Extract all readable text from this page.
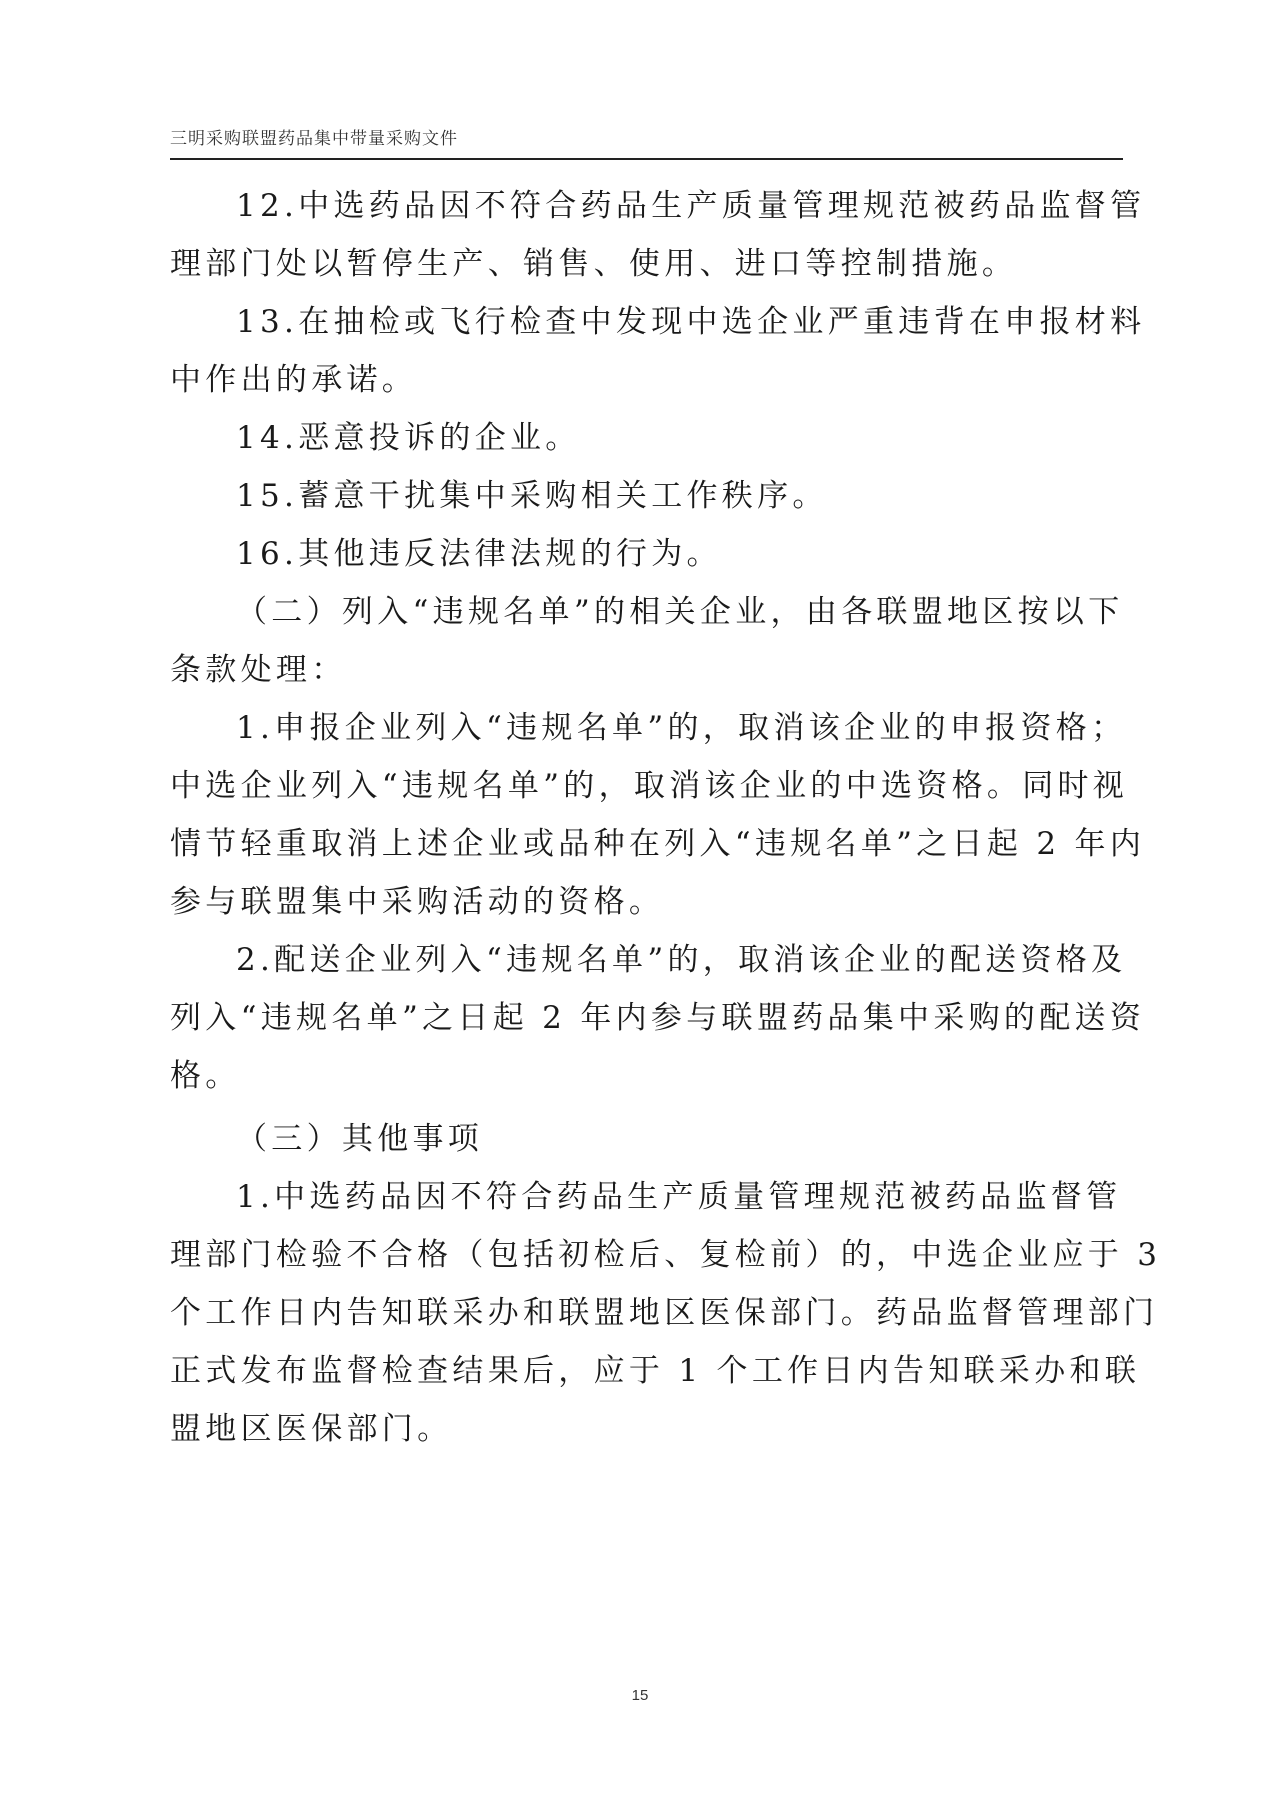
三明采购联盟药品集中带量采购文件
12.中选药品因不符合药品生产质量管理规范被药品监督管
理部门处以暂停生产、销售、使用、进口等控制措施。
13.在抽检或飞行检查中发现中选企业严重违背在申报材料
中作出的承诺。
14.恶意投诉的企业。
15.蓄意干扰集中采购相关工作秩序。
16.其他违反法律法规的行为。
（二）列入“违规名单”的相关企业，由各联盟地区按以下
条款处理：
1.申报企业列入“违规名单”的，取消该企业的申报资格；
中选企业列入“违规名单”的，取消该企业的中选资格。同时视
情节轻重取消上述企业或品种在列入“违规名单”之日起 2 年内
参与联盟集中采购活动的资格。
2.配送企业列入“违规名单”的，取消该企业的配送资格及
列入“违规名单”之日起 2 年内参与联盟药品集中采购的配送资
格。
（三）其他事项
1.中选药品因不符合药品生产质量管理规范被药品监督管
理部门检验不合格（包括初检后、复检前）的，中选企业应于 3
个工作日内告知联采办和联盟地区医保部门。药品监督管理部门
正式发布监督检查结果后，应于 1 个工作日内告知联采办和联
盟地区医保部门。
15
